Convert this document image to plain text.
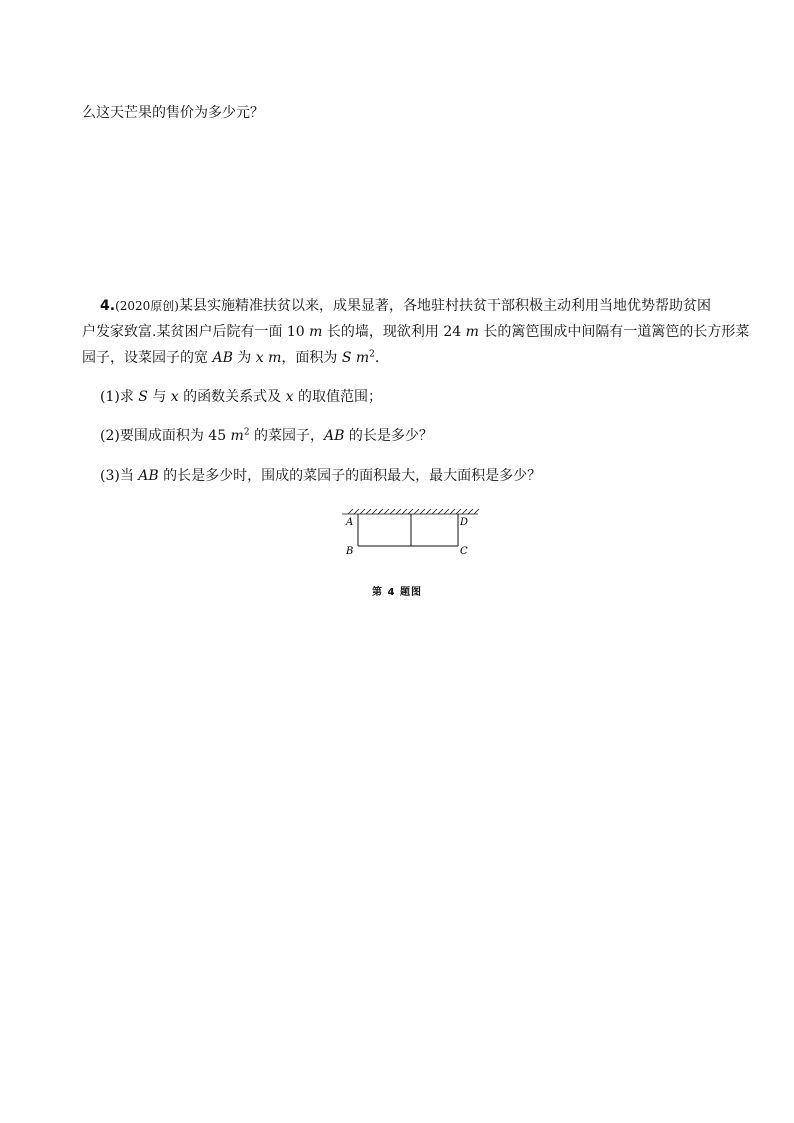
么这天芒果的售价为多少元？
4.(2020原创)某县实施精准扶贫以来，成果显著，各地驻村扶贫干部积极主动利用当地优势帮助贫困
户发家致富.某贫困户后院有一面 10 m 长的墙，现欲利用 24 m 长的篱笆围成中间隔有一道篱笆的长方形菜
园子，设菜园子的宽 AB 为 x m，面积为 S $m^2$.
(1)求 S 与 x 的函数关系式及 x 的取值范围；
(2)要围成面积为 45 $m^2$ 的菜园子，AB 的长是多少？
(3)当 AB 的长是多少时，围成的菜园子的面积最大，最大面积是多少？
A
B	C
D
第 4 题图
